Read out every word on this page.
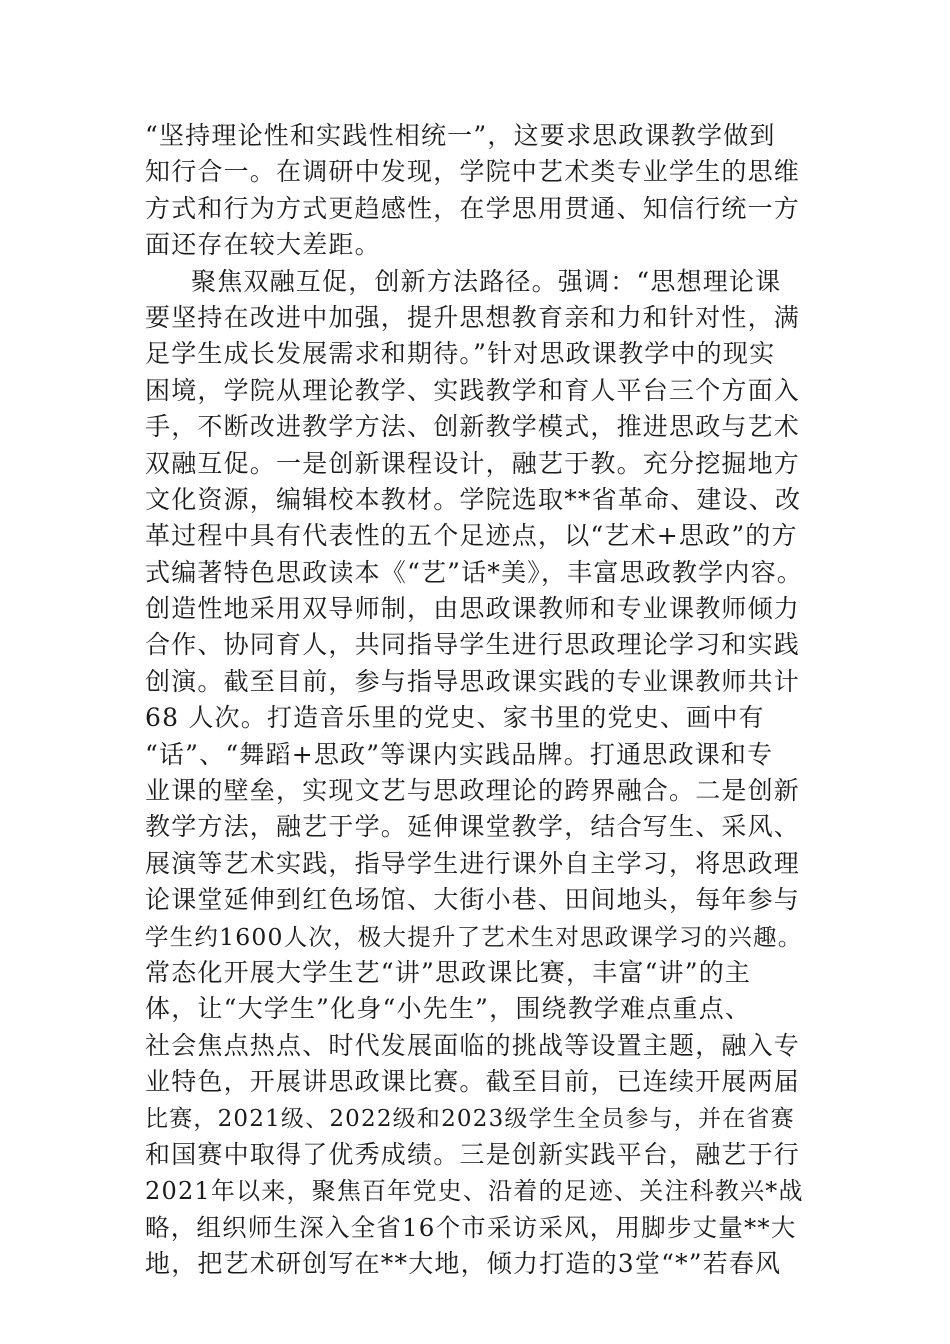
“坚持理论性和实践性相统一”，这要求思政课教学做到
知行合一。在调研中发现，学院中艺术类专业学生的思维
方式和行为方式更趋感性，在学思用贯通、知信行统一方
面还存在较大差距。
聚焦双融互促，创新方法路径。强调：“思想理论课
要坚持在改进中加强，提升思想教育亲和力和针对性，满
足学生成长发展需求和期待。”针对思政课教学中的现实
困境，学院从理论教学、实践教学和育人平台三个方面入
手，不断改进教学方法、创新教学模式，推进思政与艺术
双融互促。一是创新课程设计，融艺于教。充分挖掘地方
文化资源，编辑校本教材。学院选取**省革命、建设、改
革过程中具有代表性的五个足迹点，以“艺术+思政”的方
式编著特色思政读本《“艺”话*美》，丰富思政教学内容。
创造性地采用双导师制，由思政课教师和专业课教师倾力
合作、协同育人，共同指导学生进行思政理论学习和实践
创演。截至目前，参与指导思政课实践的专业课教师共计
68 人次。打造音乐里的党史、家书里的党史、画中有
“话”、“舞蹈+思政”等课内实践品牌。打通思政课和专
业课的壁垒，实现文艺与思政理论的跨界融合。二是创新
教学方法，融艺于学。延伸课堂教学，结合写生、采风、
展演等艺术实践，指导学生进行课外自主学习，将思政理
论课堂延伸到红色场馆、大街小巷、田间地头，每年参与
学生约1600人次，极大提升了艺术生对思政课学习的兴趣。
常态化开展大学生艺“讲”思政课比赛，丰富“讲”的主
体，让“大学生”化身“小先生”，围绕教学难点重点、
社会焦点热点、时代发展面临的挑战等设置主题，融入专
业特色，开展讲思政课比赛。截至目前，已连续开展两届
比赛，2021级、2022级和2023级学生全员参与，并在省赛
和国赛中取得了优秀成绩。三是创新实践平台，融艺于行
2021年以来，聚焦百年党史、沿着的足迹、关注科教兴*战
略，组织师生深入全省16个市采访采风，用脚步丈量**大
地，把艺术研创写在**大地，倾力打造的3堂“*”若春风
